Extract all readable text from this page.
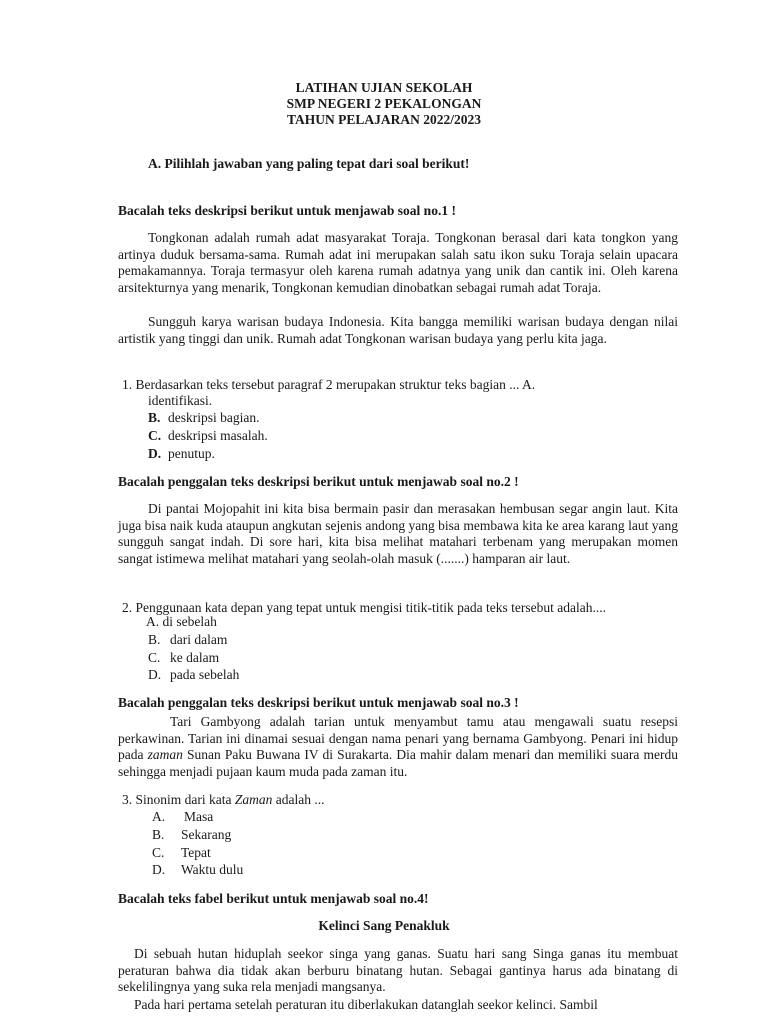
LATIHAN UJIAN SEKOLAH
SMP NEGERI 2 PEKALONGAN
TAHUN PELAJARAN 2022/2023
A. Pilihlah jawaban yang paling tepat dari soal berikut!
Bacalah teks deskripsi berikut untuk menjawab soal no.1 !

Tongkonan adalah rumah adat masyarakat Toraja. Tongkonan berasal dari kata tongkon yang artinya duduk bersama-sama. Rumah adat ini merupakan salah satu ikon suku Toraja selain upacara pemakamannya. Toraja termasyur oleh karena rumah adatnya yang unik dan cantik ini. Oleh karena arsitekturnya yang menarik, Tongkonan kemudian dinobatkan sebagai rumah adat Toraja.

Sungguh karya warisan budaya Indonesia. Kita bangga memiliki warisan budaya dengan nilai artistik yang tinggi dan unik. Rumah adat Tongkonan warisan budaya yang perlu kita jaga.

1. Berdasarkan teks tersebut paragraf 2 merupakan struktur teks bagian ... A.
identifikasi.
B. deskripsi bagian.
C. deskripsi masalah.
D. penutup.
Bacalah penggalan teks deskripsi berikut untuk menjawab soal no.2 !

Di pantai Mojopahit ini kita bisa bermain pasir dan merasakan hembusan segar angin laut. Kita juga bisa naik kuda ataupun angkutan sejenis andong yang bisa membawa kita ke area karang laut yang sungguh sangat indah. Di sore hari, kita bisa melihat matahari terbenam yang merupakan momen sangat istimewa melihat matahari yang seolah-olah masuk (.......) hamparan air laut.

2. Penggunaan kata depan yang tepat untuk mengisi titik-titik pada teks tersebut adalah....
A. di sebelah
B. dari dalam
C. ke dalam
D. pada sebelah
Bacalah penggalan teks deskripsi berikut untuk menjawab soal no.3 !

Tari Gambyong adalah tarian untuk menyambut tamu atau mengawali suatu resepsi perkawinan. Tarian ini dinamai sesuai dengan nama penari yang bernama Gambyong. Penari ini hidup pada zaman Sunan Paku Buwana IV di Surakarta. Dia mahir dalam menari dan memiliki suara merdu sehingga menjadi pujaan kaum muda pada zaman itu.

3. Sinonim dari kata Zaman adalah ...
A. Masa
B. Sekarang
C. Tepat
D. Waktu dulu
Bacalah teks fabel berikut untuk menjawab soal no.4!
Kelinci Sang Penakluk

Di sebuah hutan hiduplah seekor singa yang ganas. Suatu hari sang Singa ganas itu membuat peraturan bahwa dia tidak akan berburu binatang hutan. Sebagai gantinya harus ada binatang di sekelilingnya yang suka rela menjadi mangsanya.

Pada hari pertama setelah peraturan itu diberlakukan datanglah seekor kelinci. Sambil
